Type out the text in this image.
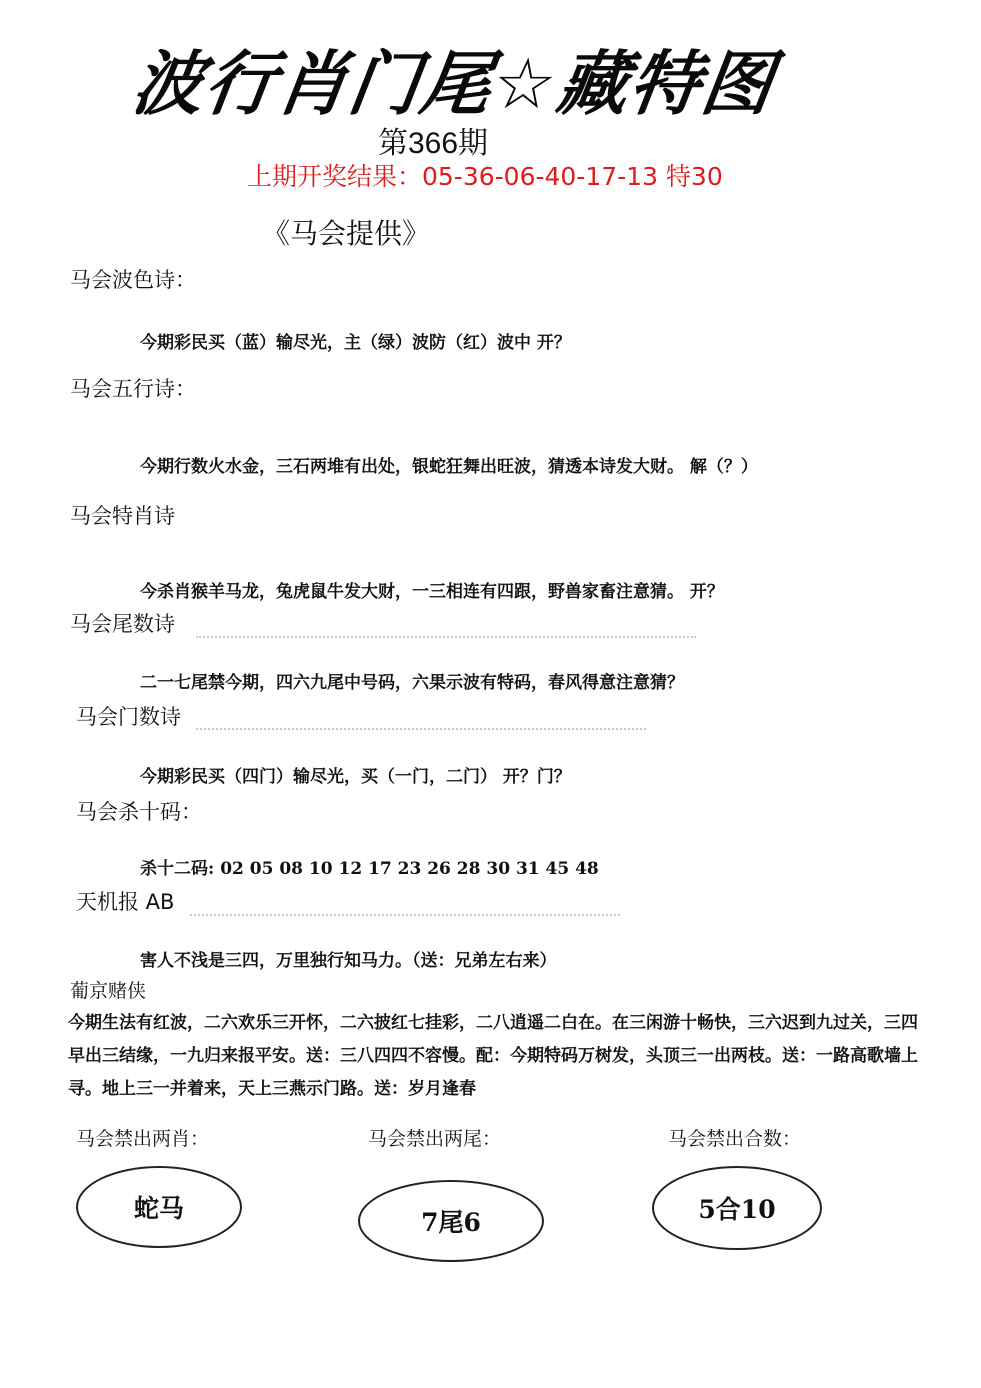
波行肖门尾☆藏特图
第366期
上期开奖结果：05-36-06-40-17-13 特30
《马会提供》
马会波色诗：
今期彩民买（蓝）输尽光，主（绿）波防（红）波中 开？
马会五行诗：
今期行数火水金，三石两堆有出处，银蛇狂舞出旺波，猜透本诗发大财。 解（？）
马会特肖诗
今杀肖猴羊马龙，兔虎鼠牛发大财，一三相连有四跟，野兽家畜注意猜。 开？
马会尾数诗
二一七尾禁今期，四六九尾中号码，六果示波有特码，春风得意注意猜？
马会门数诗
今期彩民买（四门）输尽光，买（一门，二门） 开？门？
马会杀十码：
杀十二码: 02 05 08 10 12 17 23 26 28 30 31 45 48
天机报 AB
害人不浅是三四，万里独行知马力。（送：兄弟左右来）
葡京赌侠
今期生法有红波，二六欢乐三开怀，二六披红七挂彩，二八逍遥二白在。在三闲游十畅快，三六迟到九过关，三四早出三结缘，一九归来报平安。送：三八四四不容慢。配：今期特码万树发，头顶三一出两枝。送：一路高歌墙上寻。地上三一并着来，天上三燕示门路。送：岁月逢春
马会禁出两肖：	马会禁出两尾：	马会禁出合数：
蛇马	7尾6	5合10
